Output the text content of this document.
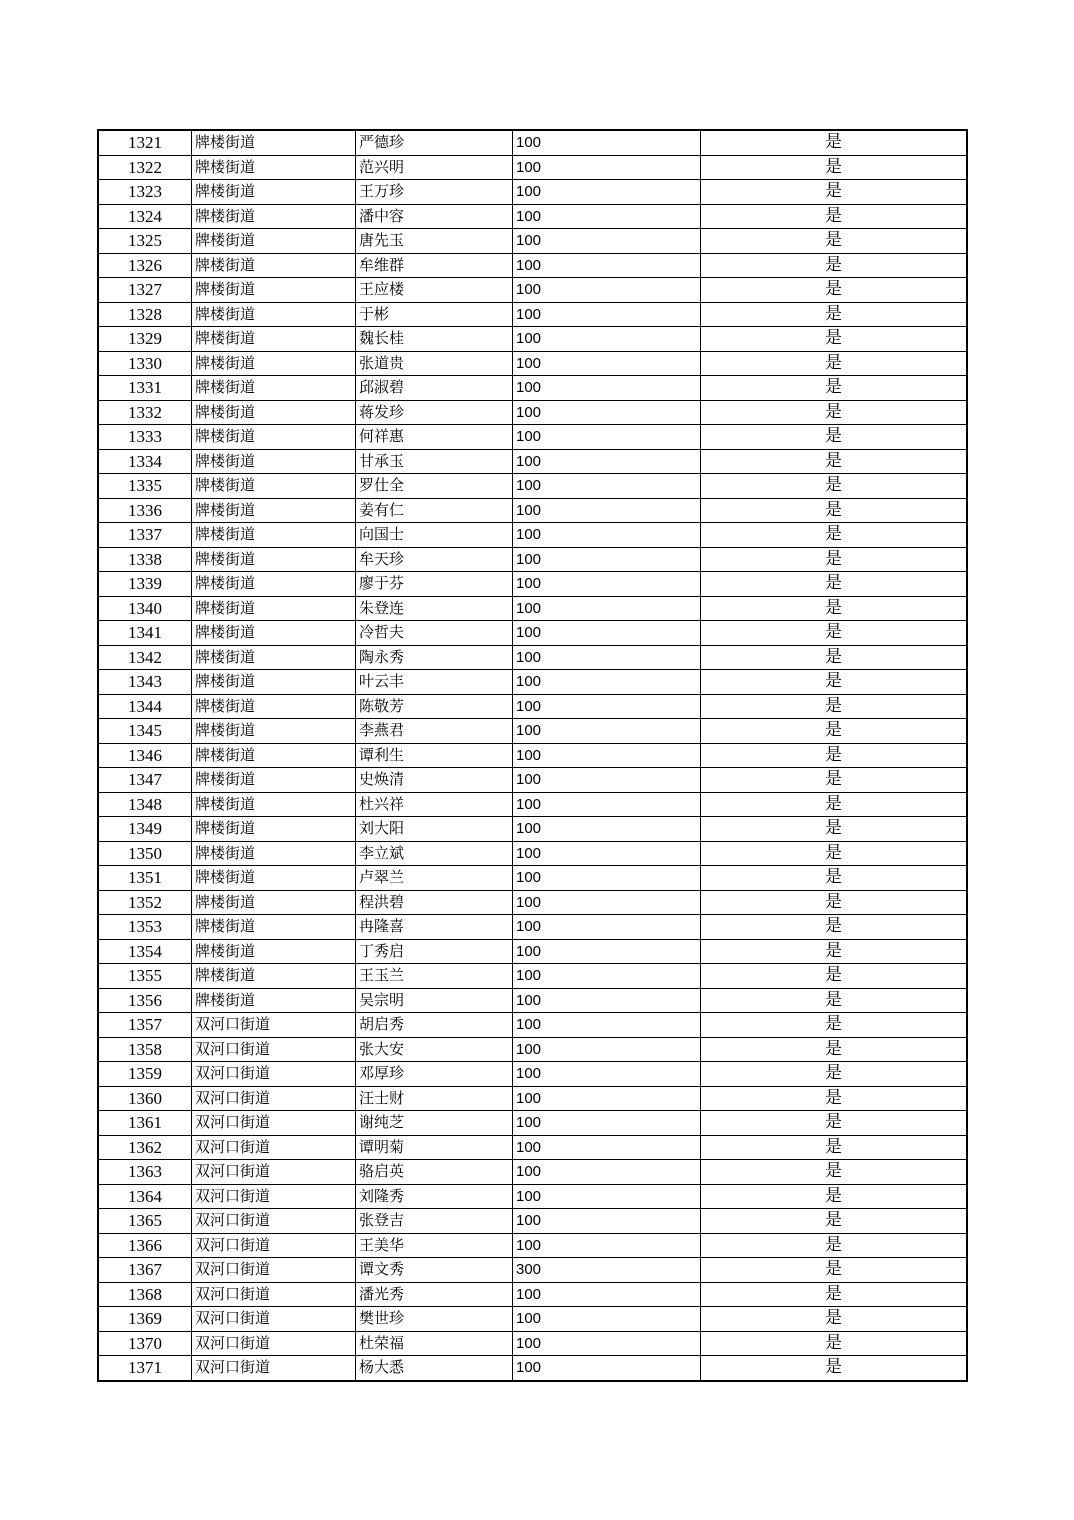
1321	牌楼街道	严德珍	100	是
1322	牌楼街道	范兴明	100	是
1323	牌楼街道	王万珍	100	是
1324	牌楼街道	潘中容	100	是
1325	牌楼街道	唐先玉	100	是
1326	牌楼街道	牟维群	100	是
1327	牌楼街道	王应楼	100	是
1328	牌楼街道	于彬	100	是
1329	牌楼街道	魏长桂	100	是
1330	牌楼街道	张道贵	100	是
1331	牌楼街道	邱淑碧	100	是
1332	牌楼街道	蒋发珍	100	是
1333	牌楼街道	何祥惠	100	是
1334	牌楼街道	甘承玉	100	是
1335	牌楼街道	罗仕全	100	是
1336	牌楼街道	姜有仁	100	是
1337	牌楼街道	向国士	100	是
1338	牌楼街道	牟天珍	100	是
1339	牌楼街道	廖于芬	100	是
1340	牌楼街道	朱登连	100	是
1341	牌楼街道	冷哲夫	100	是
1342	牌楼街道	陶永秀	100	是
1343	牌楼街道	叶云丰	100	是
1344	牌楼街道	陈敬芳	100	是
1345	牌楼街道	李燕君	100	是
1346	牌楼街道	谭利生	100	是
1347	牌楼街道	史焕清	100	是
1348	牌楼街道	杜兴祥	100	是
1349	牌楼街道	刘大阳	100	是
1350	牌楼街道	李立斌	100	是
1351	牌楼街道	卢翠兰	100	是
1352	牌楼街道	程洪碧	100	是
1353	牌楼街道	冉隆喜	100	是
1354	牌楼街道	丁秀启	100	是
1355	牌楼街道	王玉兰	100	是
1356	牌楼街道	吴宗明	100	是
1357	双河口街道	胡启秀	100	是
1358	双河口街道	张大安	100	是
1359	双河口街道	邓厚珍	100	是
1360	双河口街道	汪士财	100	是
1361	双河口街道	谢纯芝	100	是
1362	双河口街道	谭明菊	100	是
1363	双河口街道	骆启英	100	是
1364	双河口街道	刘隆秀	100	是
1365	双河口街道	张登吉	100	是
1366	双河口街道	王美华	100	是
1367	双河口街道	谭文秀	300	是
1368	双河口街道	潘光秀	100	是
1369	双河口街道	樊世珍	100	是
1370	双河口街道	杜荣福	100	是
1371	双河口街道	杨大悉	100	是
